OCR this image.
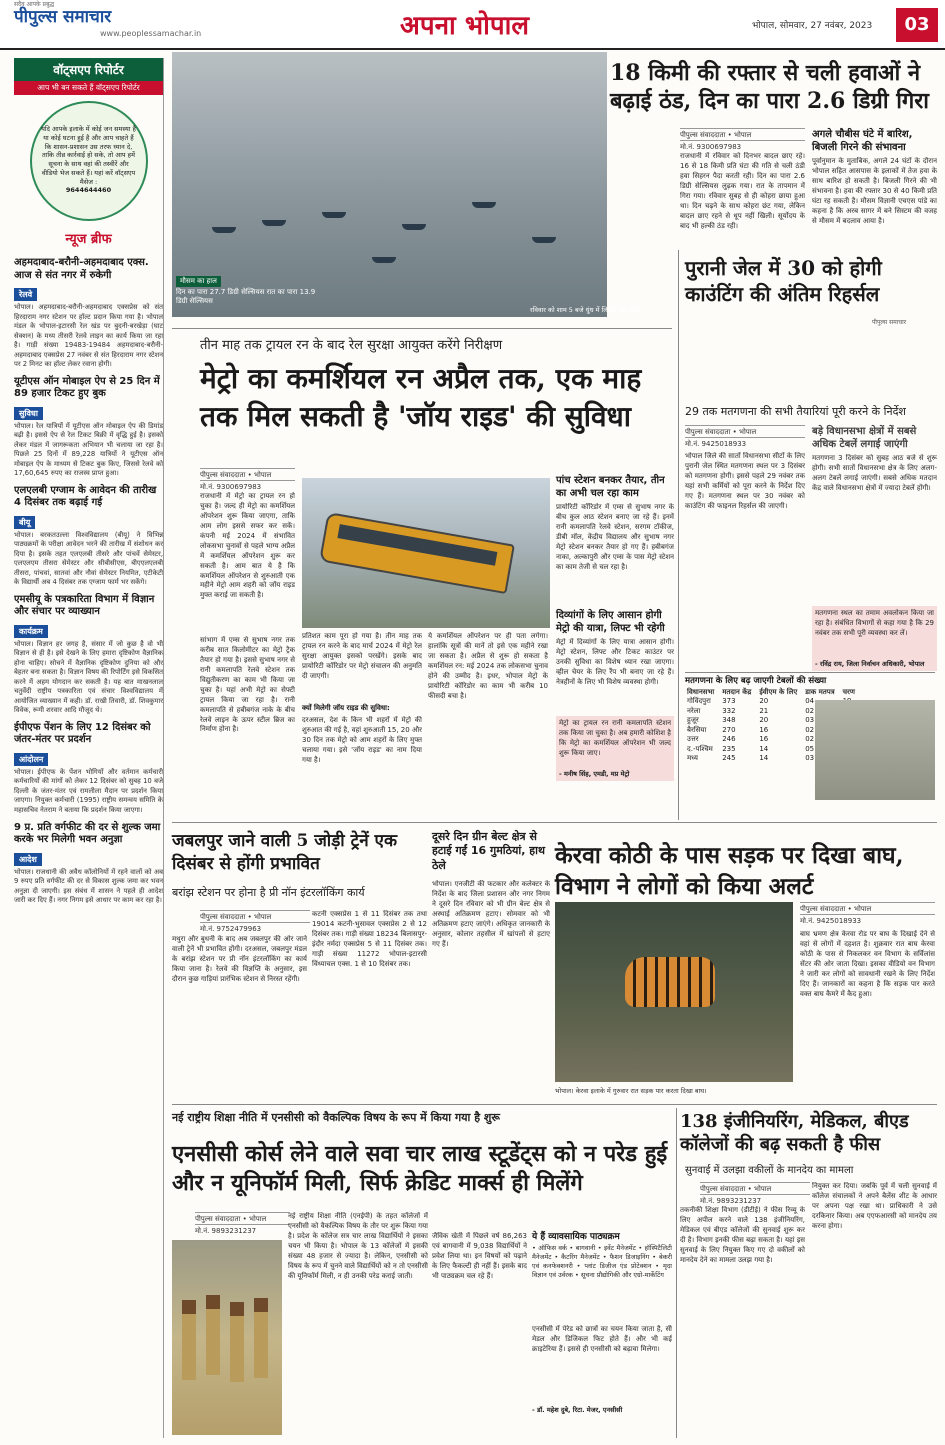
सदैव आपके प्रबुद्ध
पीपुल्स समाचार
www.peoplessamachar.in	अपना भोपाल	भोपाल, सोमवार, 27 नवंबर, 2023	03
वॉट्सएप रिपोर्टर
आप भी बन सकते हैं वॉट्सएप रिपोर्टर
यदि आपके इलाके में कोई जन समस्या है या कोई घटना हुई है और आप चाहते हैं कि शासन-प्रशासन उस तरफ ध्यान दे, ताकि तीव्र कार्रवाई हो सके, तो आप हमें सूचना के साथ वहां की तस्वीरें और वीडियो भेज सकते हैं। यहां करें वॉट्सएप मैसेज :
9644644460
न्यूज ब्रीफ
अहमदाबाद-बरौनी-अहमदाबाद एक्स. आज से संत नगर में रुकेगी
रेलवे
भोपाल। अहमदाबाद-बरौनी-अहमदाबाद एक्सप्रेस को संत हिरदाराम नगर स्टेशन पर हॉल्ट प्रदान किया गया है। भोपाल मंडल के भोपाल-इटारसी रेल खंड पर बुदनी-बरखेड़ा (घाट सेक्शन) के मध्य तीसरी रेलवे लाइन का कार्य किया जा रहा है। गाड़ी संख्या 19483-19484 अहमदाबाद-बरौनी-अहमदाबाद एक्सप्रेस 27 नवंबर से संत हिरदाराम नगर स्टेशन पर 2 मिनट का हॉल्ट लेकर रवाना होगी।
यूटीएस ऑन मोबाइल ऐप से 25 दिन में 89 हजार टिकट हुए बुक
सुविधा
भोपाल। रेल यात्रियों में यूटीएस ऑन मोबाइल ऐप की डिमांड बढ़ी है। इससे ऐप से रेल टिकट बिक्री में वृद्धि हुई है। इसको लेकर मंडल में जागरूकता अभियान भी चलाया जा रहा है। पिछले 25 दिनों में 89,228 यात्रियों ने यूटीएस ऑन मोबाइल ऐप के माध्यम से टिकट बुक किए, जिससे रेलवे को 17,60,645 रुपए का राजस्व प्राप्त हुआ।
एलएलबी एग्जाम के आवेदन की तारीख 4 दिसंबर तक बढ़ाई गई
बीयू
भोपाल। बरकतउल्ला विश्वविद्यालय (बीयू) ने विभिन्न पाठ्यक्रमों के परीक्षा आवेदन भरने की तारीख में संशोधन कर दिया है। इसके तहत एलएलबी तीसरे और पांचवें सेमेस्टर, एलएलएम तीसरा सेमेस्टर और सीबीसीएस, बीएएलएलबी तीसरा, पांचवां, सातवां और नौवां सेमेस्टर नियमित, एटीकेटी के विद्यार्थी अब 4 दिसंबर तक एग्जाम फार्म भर सकेंगे।
एमसीयू के पत्रकारिता विभाग में विज्ञान और संचार पर व्याख्यान
कार्यक्रम
भोपाल। विज्ञान हर जगह है, संसार में जो कुछ है वो भी विज्ञान से ही है। इसे देखने के लिए हमारा दृष्टिकोण वैज्ञानिक होना चाहिए। सोचने में वैज्ञानिक दृष्टिकोण दुनिया को और बेहतर बना सकता है। विज्ञान विषय की रिपोर्टिंग इसे विकसित करने में अहम योगदान कर सकती है। यह बात माखनलाल चतुर्वेदी राष्ट्रीय पत्रकारिता एवं संचार विश्वविद्यालय में आयोजित व्याख्यान में कही। डॉ. राखी तिवारी, डॉ. शिवकुमार विवेक, रूमी शरवार आदि मौजूद थे।
ईपीएफ पेंशन के लिए 12 दिसंबर को जंतर-मंतर पर प्रदर्शन
आंदोलन
भोपाल। ईपीएफ के पेंशन भोगियों और वर्तमान कर्मचारी कर्मचारियों की मांगों को लेकर 12 दिसंबर को सुबह 10 बजे दिल्ली के जंतर-मंतर एवं रामलीला मैदान पर प्रदर्शन किया जाएगा। नियुक्त कर्मचारी (1995) राष्ट्रीय समन्वय समिति के महासचिव नेतराम ने बताया कि प्रदर्शन किया जाएगा।
9 प्र. प्रति वर्गफीट की दर से शुल्क जमा करके भर मिलेगी भवन अनुज्ञा
आदेश
भोपाल। राजधानी की अवैध कॉलोनियों में रहने वालों को अब 9 रुपए प्रति वर्गफीट की दर से विकास शुल्क जमा कर भवन अनुज्ञा दी जाएगी। इस संबंध में शासन ने पहले ही आदेश जारी कर दिए हैं। नगर निगम इसे आधार पर काम कर रहा है।
मौसम का हाल
दिन का पारा 27.7 डिग्री सेल्सियस रात का पारा 13.9 डिग्री सेल्सियस
रविवार को शाम 5 बजे धुंध में लिपटी बड़ी झील।
18 किमी की रफ्तार से चली हवाओं ने बढ़ाई ठंड, दिन का पारा 2.6 डिग्री गिरा
पीपुल्स संवाददाता • भोपाल
मो.नं. 9300697983
राजधानी में रविवार को दिनभर बादल छाए रहे। 16 से 18 किमी प्रति घंटा की गति से चली ठंडी हवा सिहरन पैदा करती रही। दिन का पारा 2.6 डिग्री सेल्सियस लुढ़क गया। रात के तापमान में गिरा गया। रविवार सुबह से ही कोहरा छाया हुआ था। दिन चढ़ने के साथ कोहरा छंट गया, लेकिन बादल छाए रहने से धूप नहीं खिली। सूर्योदय के बाद भी हल्की ठंड रही।
अगले चौबीस घंटे में बारिश, बिजली गिरने की संभावना
पूर्वानुमान के मुताबिक, अगले 24 घंटों के दौरान भोपाल सहित आसपास के इलाकों में तेज हवा के साथ बारिश हो सकती है। बिजली गिरने की भी संभावना है। हवा की रफ्तार 30 से 40 किमी प्रति घंटा रह सकती है। मौसम विज्ञानी एचएस पांडे का कहना है कि अरब सागर में बने सिस्टम की वजह से मौसम में बदलाव आया है।
पीपुल्स समाचार
तीन माह तक ट्रायल रन के बाद रेल सुरक्षा आयुक्त करेंगे निरीक्षण
मेट्रो का कमर्शियल रन अप्रैल तक, एक माह तक मिल सकती है 'जॉय राइड' की सुविधा
पीपुल्स संवाददाता • भोपाल
मो.नं. 9300697983
राजधानी में मेट्रो का ट्रायल रन हो चुका है। जल्द ही मेट्रो का कमर्शियल ऑपरेशन शुरू किया जाएगा, ताकि आम लोग इससे सफर कर सकें। कंपनी मई 2024 में संभावित लोकसभा चुनावों से पहले भाग्य अप्रैल में कमर्शियल ऑपरेशन शुरू कर सकती है। आम बात ये है कि कमर्शियल ऑपरेशन से शुरुआती एक महीने मेट्रो आम शहरी को जॉय राइड मुफ्त कराई जा सकती है।
सांभाग में एम्स से सुभाष नगर तक करीब सात किलोमीटर का मेट्रो ट्रैक तैयार हो गया है। इससे सुभाष नगर से रानी कमलापति रेलवे स्टेशन तक विद्युतीकरण का काम भी किया जा चुका है। यहां अभी मेट्रो का सेफ्टी ट्रायल किया जा रहा है। रानी कमलापति से हबीबगंज नाके के बीच रेलवे लाइन के ऊपर स्टील ब्रिज का निर्माण होना है।
प्रतिशत काम पूरा हो गया है। तीन माह तक ट्रायल रन करने के बाद मार्च 2024 में मेट्रो रेल सुरक्षा आयुक्त इसको परखेंगे। इसके बाद प्रायोरिटी कॉरिडोर पर मेट्रो संचालन की अनुमति दी जाएगी।
क्यों मिलेगी जॉय राइड की सुविधा:
दरअसल, देश के किन भी शहरों में मेट्रो की शुरुआत की गई है, वहां शुरुआती 15, 20 और 30 दिन तक मेट्रो को आम शहरों के लिए मुफ्त चलाया गया। इसे 'जॉय राइड' का नाम दिया गया है।
ये कमर्शियल ऑपरेशन पर ही पता लगेगा। हालांकि सूत्रों की मानें तो इसे एक महीने रखा जा सकता है। अप्रैल से शुरू हो सकता है कमर्शियल रन: मई 2024 तक लोकसभा चुनाव होने की उम्मीद है। इधर, भोपाल मेट्रो के प्रायोरिटी कॉरिडोर का काम भी करीब 10 फीसदी बचा है।
पांच स्टेशन बनकर तैयार, तीन का अभी चल रहा काम
प्रायोरिटी कॉरिडोर में एम्स से सुभाष नगर के बीच कुल आठ स्टेशन बनाए जा रहे हैं। इनमें रानी कमलापति रेलवे स्टेशन, सरगम टॉकीज, डीबी मॉल, केंद्रीय विद्यालय और सुभाष नगर मेट्रो स्टेशन बनकर तैयार हो गए हैं। हबीबगंज नाका, अल्कापुरी और एम्स के पास मेट्रो स्टेशन का काम तेजी से चल रहा है।
दिव्यांगों के लिए आसान होगी मेट्रो की यात्रा, लिफ्ट भी रहेगी
मेट्रो में दिव्यांगों के लिए यात्रा आसान होगी। मेट्रो स्टेशन, लिफ्ट और टिकट काउंटर पर उनकी सुविधा का विशेष ध्यान रखा जाएगा। व्हील चेयर के लिए रैंप भी बनाए जा रहे हैं। नेत्रहीनों के लिए भी विशेष व्यवस्था होगी।
मेट्रो का ट्रायल रन रानी कमलापति स्टेशन तक किया जा चुका है। अब हमारी कोशिश है कि मेट्रो का कमर्शियल ऑपरेशन भी जल्द शुरू किया जाए।
- मनीष सिंह, एमडी, मप्र मेट्रो
पुरानी जेल में 30 को होगी काउंटिंग की अंतिम रिहर्सल
29 तक मतगणना की सभी तैयारियां पूरी करने के निर्देश
पीपुल्स संवाददाता • भोपाल
मो.नं. 9425018933
भोपाल जिले की सातों विधानसभा सीटों के लिए पुरानी जेल स्थित मतगणना स्थल पर 3 दिसंबर को मतगणना होगी। इससे पहले 29 नवंबर तक यहां सभी कर्मियों को पूरा करने के निर्देश दिए गए हैं। मतगणना स्थल पर 30 नवंबर को काउंटिंग की फाइनल रिहर्सल की जाएगी।
बड़े विधानसभा क्षेत्रों में सबसे अधिक टेबलें लगाई जाएंगी
मतगणना 3 दिसंबर को सुबह आठ बजे से शुरू होगी। सभी सातों विधानसभा क्षेत्र के लिए अलग-अलग टेबलें लगाई जाएंगी। सबसे अधिक मतदान केंद्र वाले विधानसभा क्षेत्रों में ज्यादा टेबलें होंगी।
मतगणना स्थल का तमाम अवलोकन किया जा रहा है। संबंधित विभागों से कहा गया है कि 29 नवंबर तक सभी पूरी व्यवस्था कर लें।
- रविंद्र राय, जिला निर्वाचन अधिकारी, भोपाल
मतगणना के लिए बढ़ जाएगी टेबलों की संख्या
विधानसभा	मतदान केंद्र	ईवीएम के लिए	डाक मतपत्र	चरण
गोविंदपुरा	373	20	04	
नरेला	332	21	02	
हुजूर	348	20	03	
बैरसिया	270	16	02	
उत्तर	246	16	02	
द.-पश्चिम	235	14	05	
मध्य	245	14	03	
जबलपुर जाने वाली 5 जोड़ी ट्रेनें एक दिसंबर से होंगी प्रभावित
बरांझ स्टेशन पर होना है प्री नॉन इंटरलॉकिंग कार्य
पीपुल्स संवाददाता • भोपाल
मो.नं. 9752479963
मथुरा और बुधनी के बाद अब जबलपुर की ओर जाने वाली ट्रेनें भी प्रभावित होंगी। दरअसल, जबलपुर मंडल के बरांझ स्टेशन पर प्री नॉन इंटरलॉकिंग का कार्य किया जाना है। रेलवे की विज्ञप्ति के अनुसार, इस दौरान कुछ गाड़ियां प्रारंभिक स्टेशन से निरस्त रहेंगी।
कटनी एक्सप्रेस 1 से 11 दिसंबर तक तथा 19014 कटनी-भुसावल एक्सप्रेस 2 से 12 दिसंबर तक। गाड़ी संख्या 18234 बिलासपुर-इंदौर नर्मदा एक्सप्रेस 5 से 11 दिसंबर तक। गाड़ी संख्या 11272 भोपाल-इटारसी विंध्याचल एक्स. 1 से 10 दिसंबर तक।
दूसरे दिन ग्रीन बेल्ट क्षेत्र से हटाई गईं 16 गुमठियां, हाथ ठेले
भोपाल। एनजीटी की फटकार और कलेक्टर के निर्देश के बाद जिला प्रशासन और नगर निगम ने दूसरे दिन रविवार को भी ग्रीन बेल्ट क्षेत्र से अस्थाई अतिक्रमण हटाए। सोमवार को भी अतिक्रमण हटाए जाएंगे। अधिकृत जानकारी के अनुसार, कोलार तहसील में खांपलों से हटाए गए हैं।
केरवा कोठी के पास सड़क पर दिखा बाघ, विभाग ने लोगों को किया अलर्ट
भोपाल। केरवा इलाके में गुरुवार रात सड़क पार करता दिखा बाघ।
पीपुल्स संवाददाता • भोपाल
मो.नं. 9425018933
बाघ भ्रमण क्षेत्र केरवा रोड पर बाघ के दिखाई देने से वहां से लोगों में दहशत है। शुक्रवार रात बाघ केरवा कोठी के पास से निकलकर वन विभाग के सर्विलांस सेंटर की ओर जाता दिखा। इसका वीडियो वन विभाग ने जारी कर लोगों को सावधानी रखने के लिए निर्देश दिए हैं। जानकारों का कहना है कि सड़क पार करते वक्त बाघ कैमरे में कैद हुआ।
नई राष्ट्रीय शिक्षा नीति में एनसीसी को वैकल्पिक विषय के रूप में किया गया है शुरू
एनसीसी कोर्स लेने वाले सवा चार लाख स्टूडेंट्स को न परेड हुई और न यूनिफॉर्म मिली, सिर्फ क्रेडिट मार्क्स ही मिलेंगे
पीपुल्स संवाददाता • भोपाल
मो.नं. 9893231237
नई राष्ट्रीय शिक्षा नीति (एनईपी) के तहत कॉलेजों में एनसीसी को वैकल्पिक विषय के तौर पर शुरू किया गया है। प्रदेश के कॉलेज सत्र चार लाख विद्यार्थियों ने इसका चयन भी किया है। भोपाल के 13 कॉलेजों में इसकी संख्या 48 हजार से ज्यादा है। लेकिन, एनसीसी को विषय के रूप में चुनने वाले विद्यार्थियों को न तो एनसीसी की यूनिफॉर्म मिली, न ही उनकी परेड कराई जाती।
ये हैं व्यावसायिक पाठ्यक्रम
• ऑफिस वर्क • बागवानी • इवेंट मैनेजमेंट • हॉस्पिटैलिटी मैनेजमेंट • कैटरिंग मैनेजमेंट • फैशन डिजाइनिंग • बेकरी एवं कनफेक्शनरी • प्लांट डिजीज एंड प्रोटेक्शन • मृदा विज्ञान एवं उर्वरक • सूचना प्रौद्योगिकी और एग्रो-मार्केटिंग
जैविक खेती में पिछले वर्ष 86,263 एवं बागवानी में 9,038 विद्यार्थियों ने प्रवेश लिया था। इन विषयों को पढ़ाने के लिए फैकल्टी ही नहीं हैं। इसके बाद भी पाठ्यक्रम चल रहे हैं।
एनसीसी में पेरेड को छात्रों का चयन किया जाता है, सी मेडल और डिजिकल फिट होते हैं। और भी कई क्राइटेरिया हैं। इससे ही एनसीसी को बढ़ावा मिलेगा।
- डॉ. महेश दुबे, रिटा. मेजर, एनसीसी
138 इंजीनियरिंग, मेडिकल, बीएड कॉलेजों की बढ़ सकती है फीस
सुनवाई में उलझा वकीलों के मानदेय का मामला
पीपुल्स संवाददाता • भोपाल
मो.नं. 9893231237
तकनीकी शिक्षा विभाग (डीटीई) ने फीस रिव्यू के लिए अपील करने वाले 138 इंजीनियरिंग, मेडिकल एवं बीएड कॉलेजों की सुनवाई शुरू कर दी है। विभाग इनकी फीस बढ़ा सकता है। यहां इस सुनवाई के लिए नियुक्त किए गए दो वकीलों को मानदेय देने का मामला उलझ गया है।
नियुक्त कर दिया। जबकि पूर्व में चली सुनवाई में कॉलेज संचालकों ने अपने बैलेंस शीट के आधार पर अपना पक्ष रखा था। प्राधिकारी ने उसे दरकिनार किया। अब एएफआरसी को मानदेय तय करना होगा।
